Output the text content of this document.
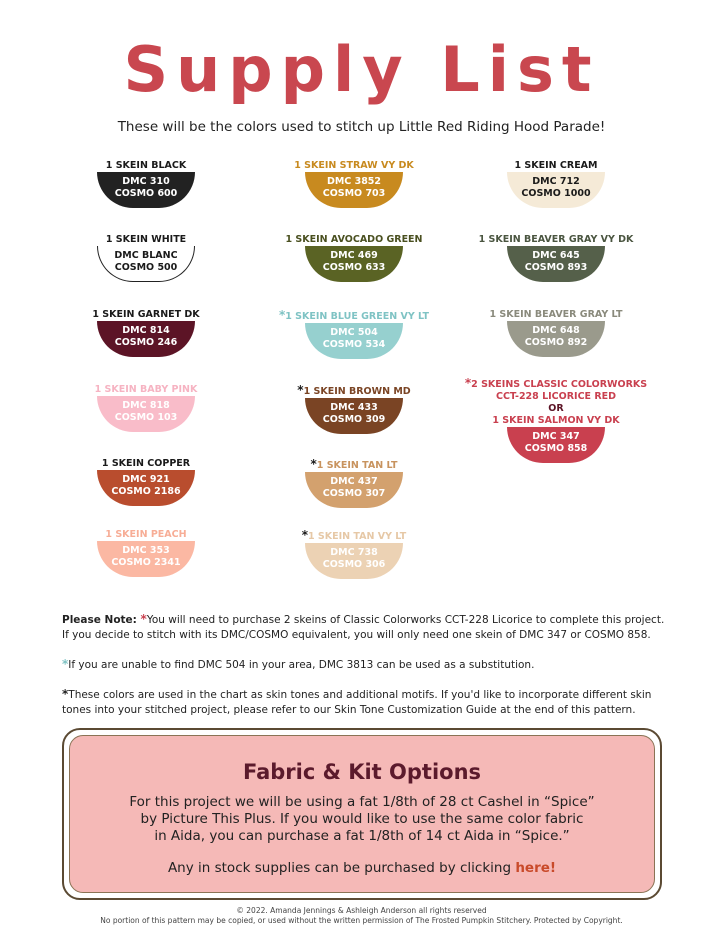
Supply List
These will be the colors used to stitch up Little Red Riding Hood Parade!
1 SKEIN BLACK
DMC 310
COSMO 600
1 SKEIN WHITE
DMC BLANC
COSMO 500
1 SKEIN GARNET DK
DMC 814
COSMO 246
1 SKEIN BABY PINK
DMC 818
COSMO 103
1 SKEIN COPPER
DMC 921
COSMO 2186
1 SKEIN PEACH
DMC 353
COSMO 2341
1 SKEIN STRAW VY DK
DMC 3852
COSMO 703
1 SKEIN AVOCADO GREEN
DMC 469
COSMO 633
*1 SKEIN BLUE GREEN VY LT
DMC 504
COSMO 534
*1 SKEIN BROWN MD
DMC 433
COSMO 309
*1 SKEIN TAN LT
DMC 437
COSMO 307
*1 SKEIN TAN VY LT
DMC 738
COSMO 306
1 SKEIN CREAM
DMC 712
COSMO 1000
1 SKEIN BEAVER GRAY VY DK
DMC 645
COSMO 893
1 SKEIN BEAVER GRAY LT
DMC 648
COSMO 892
*2 SKEINS CLASSIC COLORWORKS
CCT-228 LICORICE RED
OR
1 SKEIN SALMON VY DK
DMC 347
COSMO 858

Please Note: *You will need to purchase 2 skeins of Classic Colorworks CCT-228 Licorice to complete this project.
If you decide to stitch with its DMC/COSMO equivalent, you will only need one skein of DMC 347 or COSMO 858.

*If you are unable to find DMC 504 in your area, DMC 3813 can be used as a substitution.

*These colors are used in the chart as skin tones and additional motifs. If you'd like to incorporate different skin
tones into your stitched project, please refer to our Skin Tone Customization Guide at the end of this pattern.

Fabric & Kit Options
For this project we will be using a fat 1/8th of 28 ct Cashel in “Spice”
by Picture This Plus. If you would like to use the same color fabric
in Aida, you can purchase a fat 1/8th of 14 ct Aida in “Spice.”
Any in stock supplies can be purchased by clicking here!
© 2022. Amanda Jennings & Ashleigh Anderson all rights reserved
No portion of this pattern may be copied, or used without the written permission of The Frosted Pumpkin Stitchery. Protected by Copyright.
